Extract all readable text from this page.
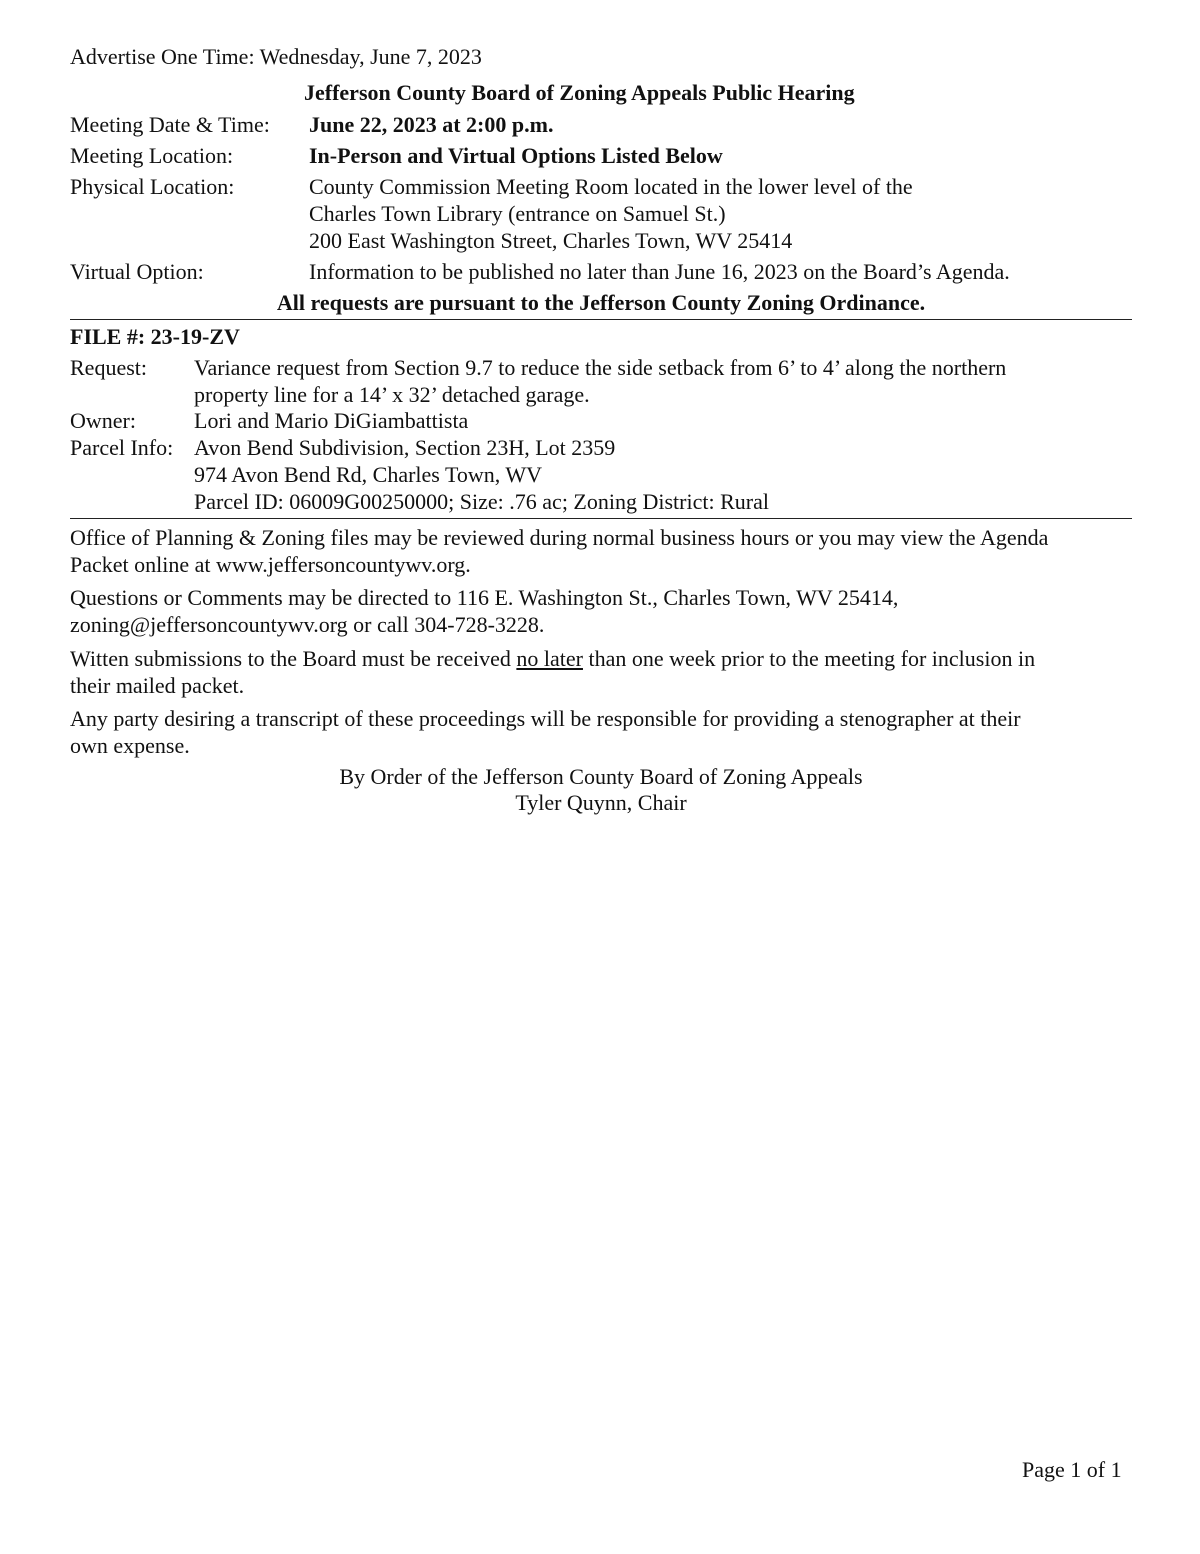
Advertise One Time: Wednesday, June 7, 2023
Jefferson County Board of Zoning Appeals Public Hearing
Meeting Date & Time: June 22, 2023 at 2:00 p.m.
Meeting Location:	In-Person and Virtual Options Listed Below
Physical Location:	County Commission Meeting Room located in the lower level of the
Charles Town Library (entrance on Samuel St.)
200 East Washington Street, Charles Town, WV 25414
Virtual Option:	Information to be published no later than June 16, 2023 on the Board’s Agenda.
All requests are pursuant to the Jefferson County Zoning Ordinance.
FILE #: 23-19-ZV
Request: Variance request from Section 9.7 to reduce the side setback from 6’ to 4’ along the northern
property line for a 14’ x 32’ detached garage.
Owner:	Lori and Mario DiGiambattista
Parcel Info: Avon Bend Subdivision, Section 23H, Lot 2359
974 Avon Bend Rd, Charles Town, WV
Parcel ID: 06009G00250000; Size: .76 ac; Zoning District: Rural
Office of Planning & Zoning files may be reviewed during normal business hours or you may view the Agenda
Packet online at www.jeffersoncountywv.org.
Questions or Comments may be directed to 116 E. Washington St., Charles Town, WV 25414,
zoning@jeffersoncountywv.org or call 304-728-3228.
Witten submissions to the Board must be received no later than one week prior to the meeting for inclusion in
their mailed packet.
Any party desiring a transcript of these proceedings will be responsible for providing a stenographer at their
own expense.
By Order of the Jefferson County Board of Zoning Appeals
Tyler Quynn, Chair
Page 1 of 1
